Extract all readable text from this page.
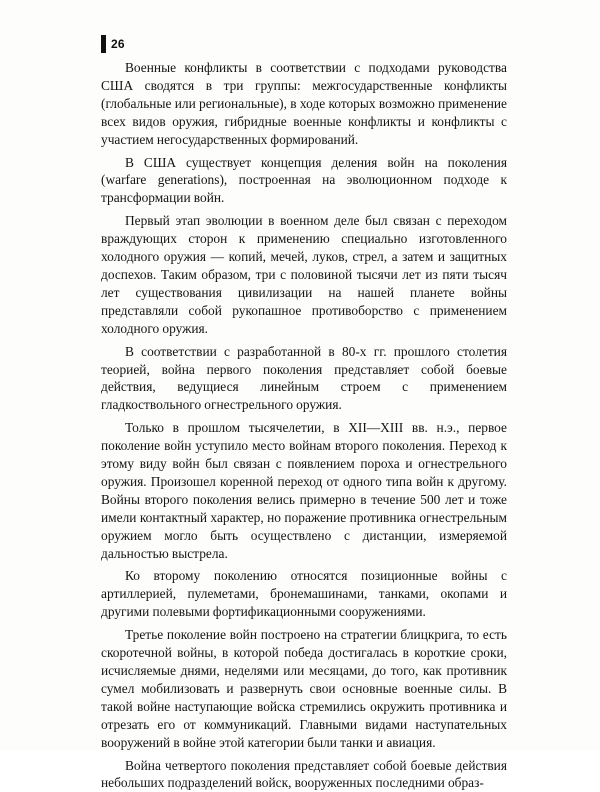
26

Военные конфликты в соответствии с подходами руководства США сводятся в три группы: межгосударственные конфликты (глобальные или региональные), в ходе которых возможно применение всех видов оружия, гибридные военные конфликты и конфликты с участием негосударственных формирований.

В США существует концепция деления войн на поколения (warfare generations), построенная на эволюционном подходе к трансформации войн.

Первый этап эволюции в военном деле был связан с переходом враждующих сторон к применению специально изготовленного холодного оружия — копий, мечей, луков, стрел, а затем и защитных доспехов. Таким образом, три с половиной тысячи лет из пяти тысяч лет существования цивилизации на нашей планете войны представляли собой рукопашное противоборство с применением холодного оружия.

В соответствии с разработанной в 80-х гг. прошлого столетия теорией, война первого поколения представляет собой боевые действия, ведущиеся линейным строем с применением гладкоствольного огнестрельного оружия.

Только в прошлом тысячелетии, в XII—XIII вв. н.э., первое поколение войн уступило место войнам второго поколения. Переход к этому виду войн был связан с появлением пороха и огнестрельного оружия. Произошел коренной переход от одного типа войн к другому. Войны второго поколения велись примерно в течение 500 лет и тоже имели контактный характер, но поражение противника огнестрельным оружием могло быть осуществлено с дистанции, измеряемой дальностью выстрела.

Ко второму поколению относятся позиционные войны с артиллерией, пулеметами, бронемашинами, танками, окопами и другими полевыми фортификационными сооружениями.

Третье поколение войн построено на стратегии блицкрига, то есть скоротечной войны, в которой победа достигалась в короткие сроки, исчисляемые днями, неделями или месяцами, до того, как противник сумел мобилизовать и развернуть свои основные военные силы. В такой войне наступающие войска стремились окружить противника и отрезать его от коммуникаций. Главными видами наступательных вооружений в войне этой категории были танки и авиация.

Война четвертого поколения представляет собой боевые действия небольших подразделений войск, вооруженных последними образ-
